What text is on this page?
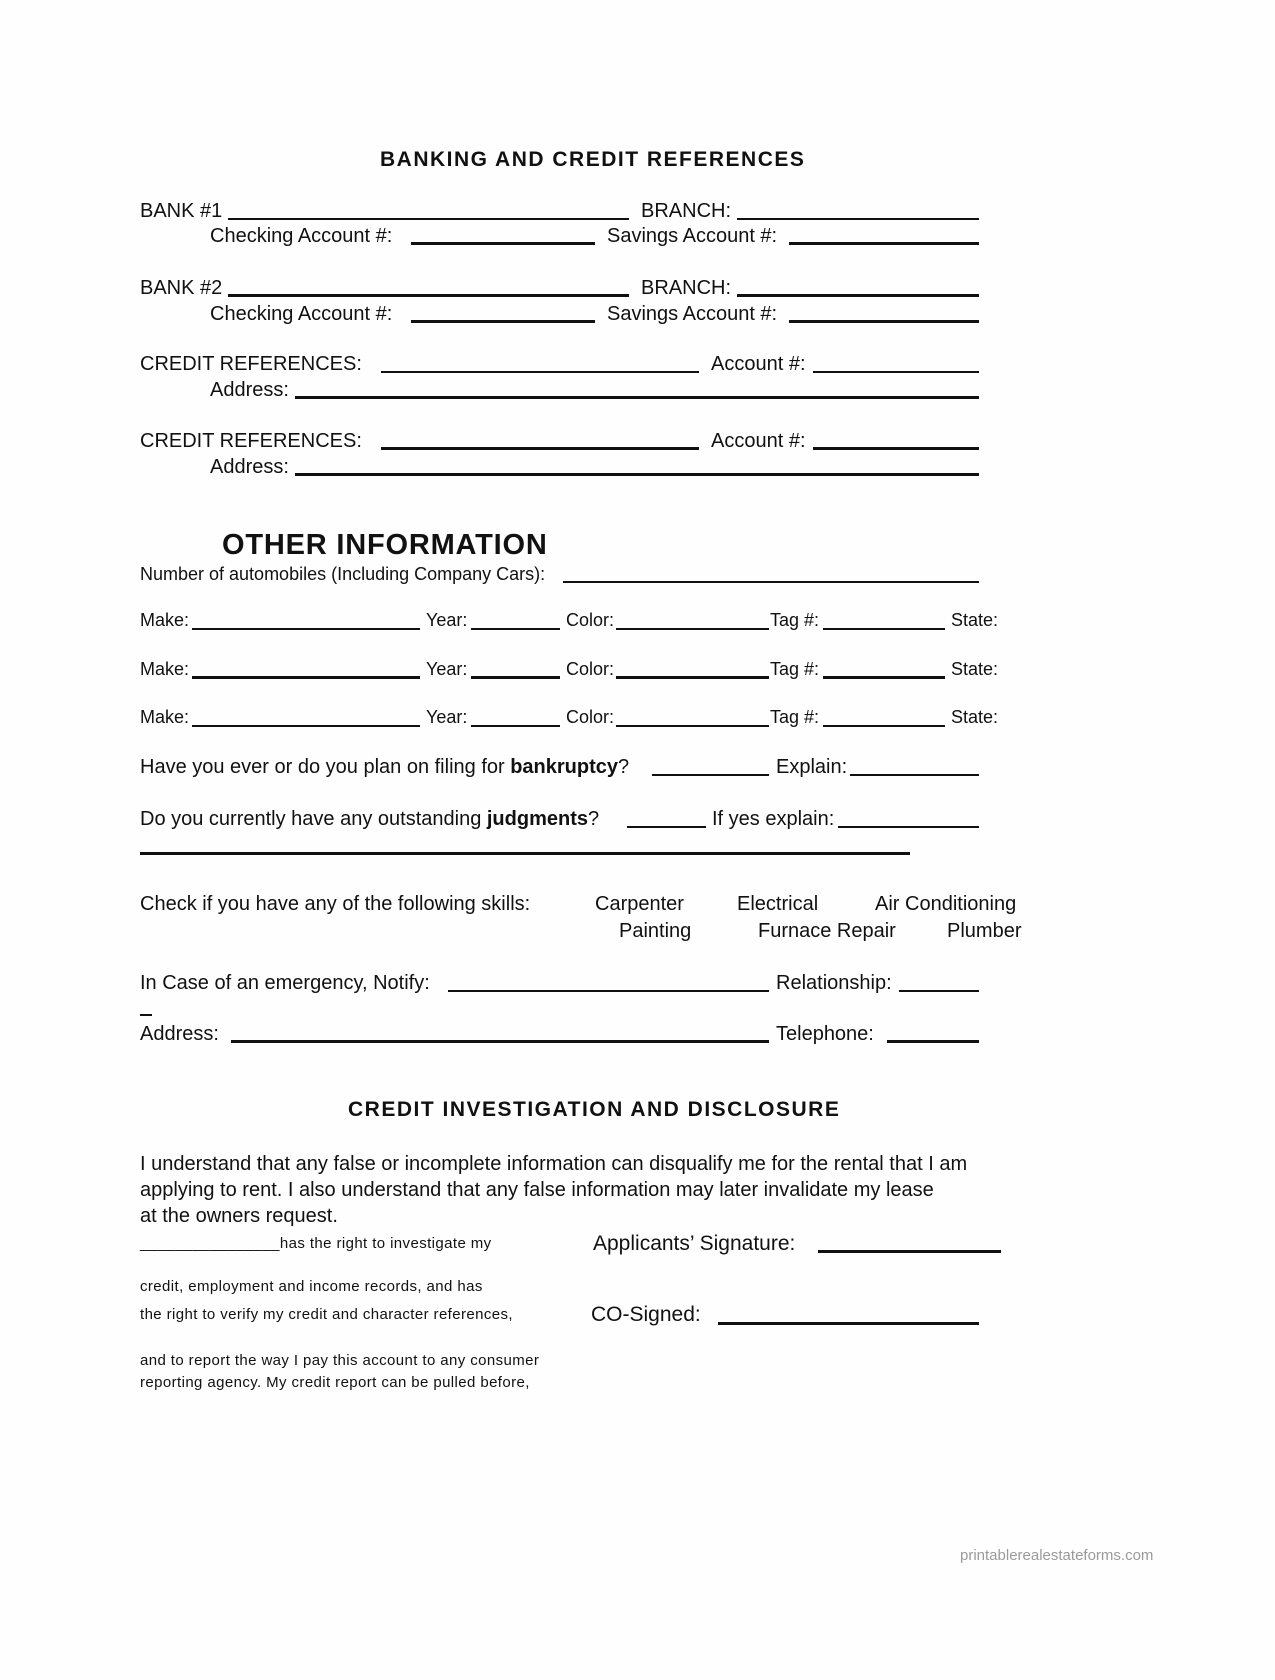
BANKING AND CREDIT REFERENCES
BANK #1	BRANCH:
Checking Account #:	Savings Account #:
BANK #2	BRANCH:
Checking Account #:	Savings Account #:
CREDIT REFERENCES:	Account #:
Address:
CREDIT REFERENCES:	Account #:
Address:
OTHER INFORMATION
Number of automobiles (Including Company Cars):
Make:	Year:	Color:	Tag #:	State:
Make:	Year:	Color:	Tag #:	State:
Make:	Year:	Color:	Tag #:	State:
Have you ever or do you plan on filing for bankruptcy?	Explain:
Do you currently have any outstanding judgments?	If yes explain:
Check if you have any of the following skills:	Carpenter	Electrical	Air Conditioning
Painting	Furnace Repair	Plumber
In Case of an emergency, Notify:	Relationship:
Address:	Telephone:
CREDIT INVESTIGATION AND DISCLOSURE
I understand that any false or incomplete information can disqualify me for the rental that I am
applying to rent. I also understand that any false information may later invalidate my lease
at the owners request.
________________has the right to investigate my
credit, employment and income records, and has
the right to verify my credit and character references,
and to report the way I pay this account to any consumer
reporting agency. My credit report can be pulled before,
Applicants’ Signature:
CO-Signed:
printablerealestateforms.com
